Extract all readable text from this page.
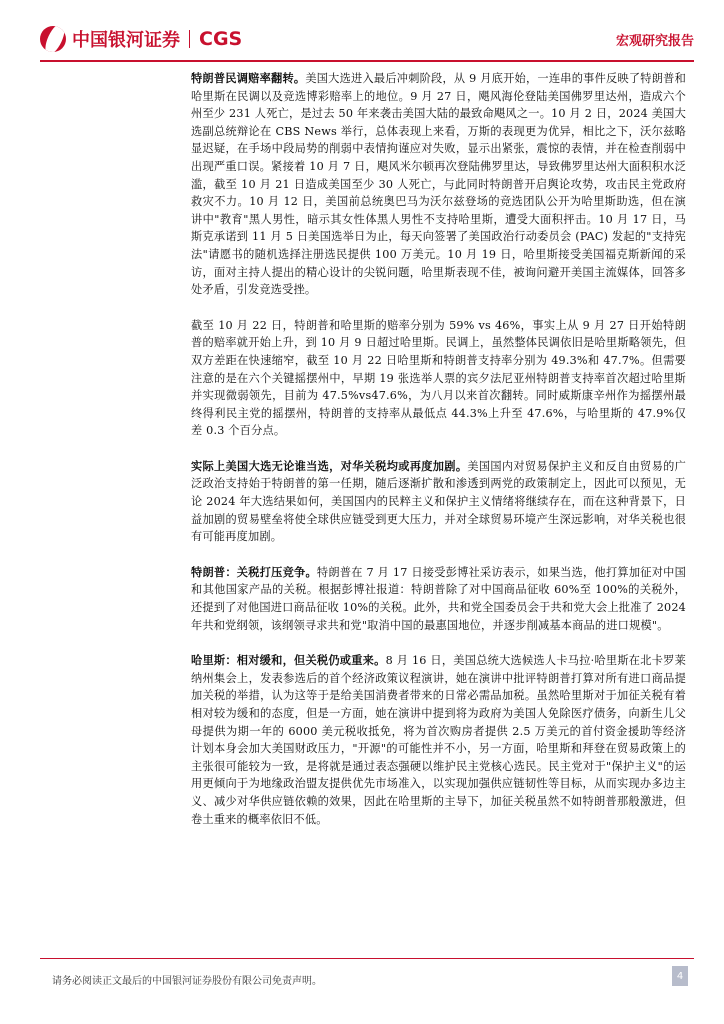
中国银河证券 CGS	宏观研究报告

特朗普民调赔率翻转。美国大选进入最后冲刺阶段，从 9 月底开始，一连串的事件反映了特朗普和哈里斯在民调以及竞选博彩赔率上的地位。9 月 27 日，飓风海伦登陆美国佛罗里达州，造成六个州至少 231 人死亡，是过去 50 年来袭击美国大陆的最致命飓风之一。10 月 2 日，2024 美国大选副总统辩论在 CBS News 举行，总体表现上来看，万斯的表现更为优异，相比之下，沃尔兹略显迟疑，在手场中段局势的削弱中表情拘谨应对失败，显示出紧张，震惊的表情，并在检查削弱中出现严重口误。紧接着 10 月 7 日，飓风米尔顿再次登陆佛罗里达，导致佛罗里达州大面积积水泛滥，截至 10 月 21 日造成美国至少 30 人死亡，与此同时特朗普开启舆论攻势，攻击民主党政府救灾不力。10 月 12 日，美国前总统奥巴马为沃尔兹登场的竞选团队公开为哈里斯助选，但在演讲中"教育"黑人男性，暗示其女性体黑人男性不支持哈里斯，遭受大面积抨击。10 月 17 日，马斯克承诺到 11 月 5 日美国选举日为止，每天向签署了美国政治行动委员会 (PAC) 发起的"支持宪法"请愿书的随机选择注册选民提供 100 万美元。10 月 19 日，哈里斯接受美国福克斯新闻的采访，面对主持人提出的精心设计的尖锐问题，哈里斯表现不佳，被询问避开美国主流媒体，回答多处矛盾，引发竞选受挫。

截至 10 月 22 日，特朗普和哈里斯的赔率分别为 59% vs 46%，事实上从 9 月 27 日开始特朗普的赔率就开始上升，到 10 月 9 日超过哈里斯。民调上，虽然整体民调依旧是哈里斯略领先，但双方差距在快速缩窄，截至 10 月 22 日哈里斯和特朗普支持率分别为 49.3%和 47.7%。但需要注意的是在六个关键摇摆州中，早期 19 张选举人票的宾夕法尼亚州特朗普支持率首次超过哈里斯并实现微弱领先，目前为 47.5%vs47.6%，为八月以来首次翻转。同时威斯康辛州作为摇摆州最终得利民主党的摇摆州，特朗普的支持率从最低点 44.3%上升至 47.6%，与哈里斯的 47.9%仅差 0.3 个百分点。

实际上美国大选无论谁当选，对华关税均或再度加剧。美国国内对贸易保护主义和反自由贸易的广泛政治支持始于特朗普的第一任期，随后逐渐扩散和渗透到两党的政策制定上，因此可以预见，无论 2024 年大选结果如何，美国国内的民粹主义和保护主义情绪将继续存在，而在这种背景下，日益加剧的贸易壁垒将使全球供应链受到更大压力，并对全球贸易环境产生深远影响，对华关税也很有可能再度加剧。

特朗普：关税打压竞争。特朗普在 7 月 17 日接受彭博社采访表示，如果当选，他打算加征对中国和其他国家产品的关税。根据彭博社报道：特朗普除了对中国商品征收 60%至 100%的关税外，还提到了对他国进口商品征收 10%的关税。此外，共和党全国委员会于共和党大会上批准了 2024 年共和党纲领，该纲领寻求共和党"取消中国的最惠国地位，并逐步削减基本商品的进口规模"。

哈里斯：相对缓和，但关税仍或重来。8 月 16 日，美国总统大选候选人卡马拉·哈里斯在北卡罗莱纳州集会上，发表参选后的首个经济政策议程演讲，她在演讲中批评特朗普打算对所有进口商品提加关税的举措，认为这等于是给美国消费者带来的日常必需品加税。虽然哈里斯对于加征关税有着相对较为缓和的态度，但是一方面，她在演讲中提到将为政府为美国人免除医疗债务，向新生儿父母提供为期一年的 6000 美元税收抵免，将为首次购房者提供 2.5 万美元的首付资金援助等经济计划本身会加大美国财政压力，"开源"的可能性并不小，另一方面，哈里斯和拜登在贸易政策上的主张很可能较为一致，是将就是通过表态强硬以维护民主党核心选民。民主党对于"保护主义"的运用更倾向于为地缘政治盟友提供优先市场准入，以实现加强供应链韧性等目标，从而实现办多边主义、减少对华供应链依赖的效果，因此在哈里斯的主导下，加征关税虽然不如特朗普那般激进，但卷土重来的概率依旧不低。

请务必阅读正文最后的中国银河证券股份有限公司免责声明。	4
